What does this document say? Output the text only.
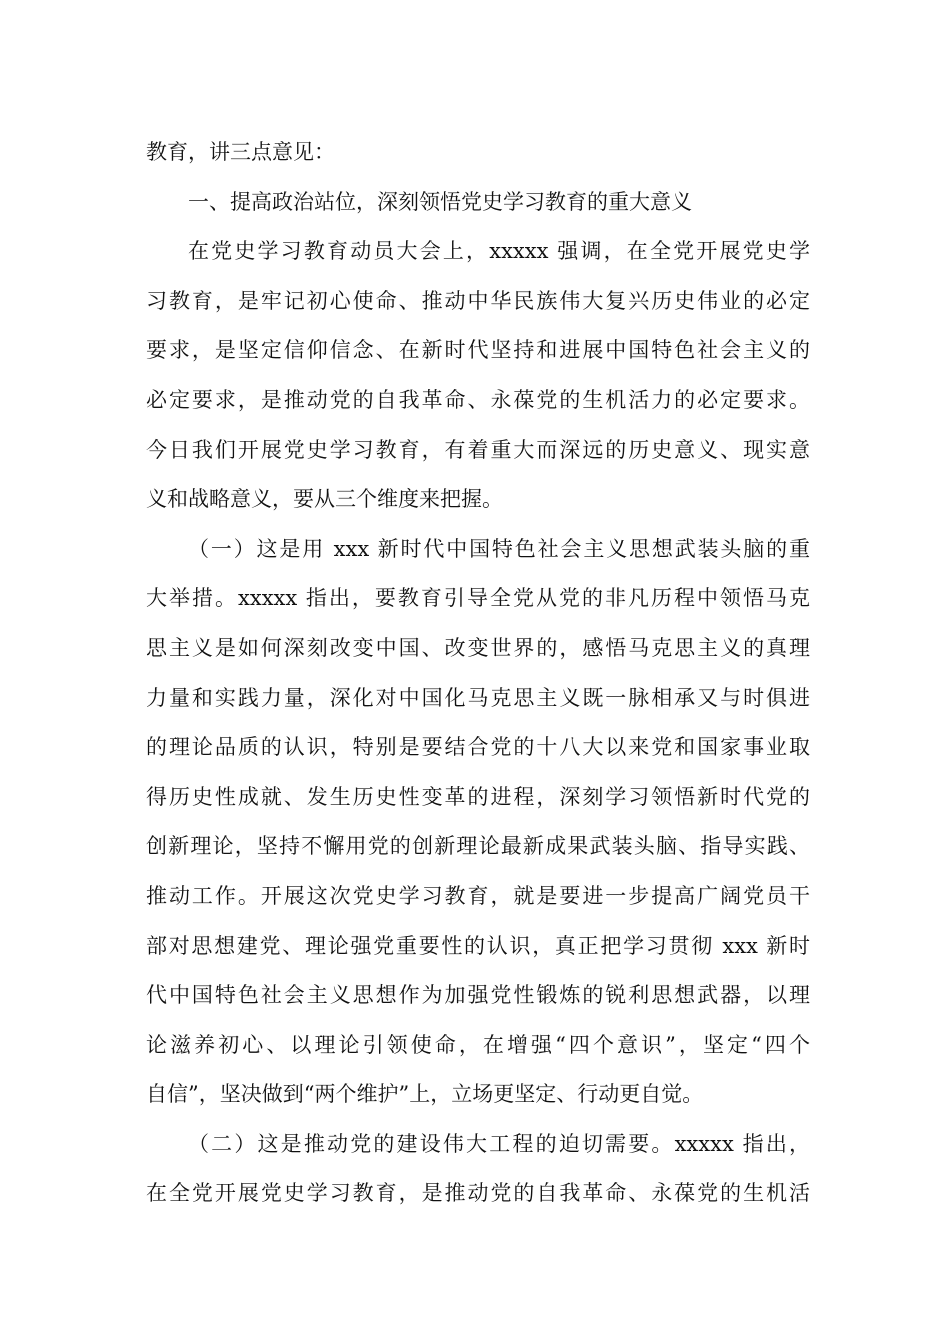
教育，讲三点意见：
一、提高政治站位，深刻领悟党史学习教育的重大意义
在党史学习教育动员大会上，xxxxx 强调，在全党开展党史学
习教育，是牢记初心使命、推动中华民族伟大复兴历史伟业的必定
要求，是坚定信仰信念、在新时代坚持和进展中国特色社会主义的
必定要求，是推动党的自我革命、永葆党的生机活力的必定要求。
今日我们开展党史学习教育，有着重大而深远的历史意义、现实意
义和战略意义，要从三个维度来把握。
（一）这是用 xxx 新时代中国特色社会主义思想武装头脑的重
大举措。xxxxx 指出，要教育引导全党从党的非凡历程中领悟马克
思主义是如何深刻改变中国、改变世界的，感悟马克思主义的真理
力量和实践力量，深化对中国化马克思主义既一脉相承又与时俱进
的理论品质的认识，特别是要结合党的十八大以来党和国家事业取
得历史性成就、发生历史性变革的进程，深刻学习领悟新时代党的
创新理论，坚持不懈用党的创新理论最新成果武装头脑、指导实践、
推动工作。开展这次党史学习教育，就是要进一步提高广阔党员干
部对思想建党、理论强党重要性的认识，真正把学习贯彻 xxx 新时
代中国特色社会主义思想作为加强党性锻炼的锐利思想武器，以理
论滋养初心、以理论引领使命，在增强“四个意识”，坚定“四个
自信”，坚决做到“两个维护”上，立场更坚定、行动更自觉。
（二）这是推动党的建设伟大工程的迫切需要。xxxxx 指出，
在全党开展党史学习教育，是推动党的自我革命、永葆党的生机活
